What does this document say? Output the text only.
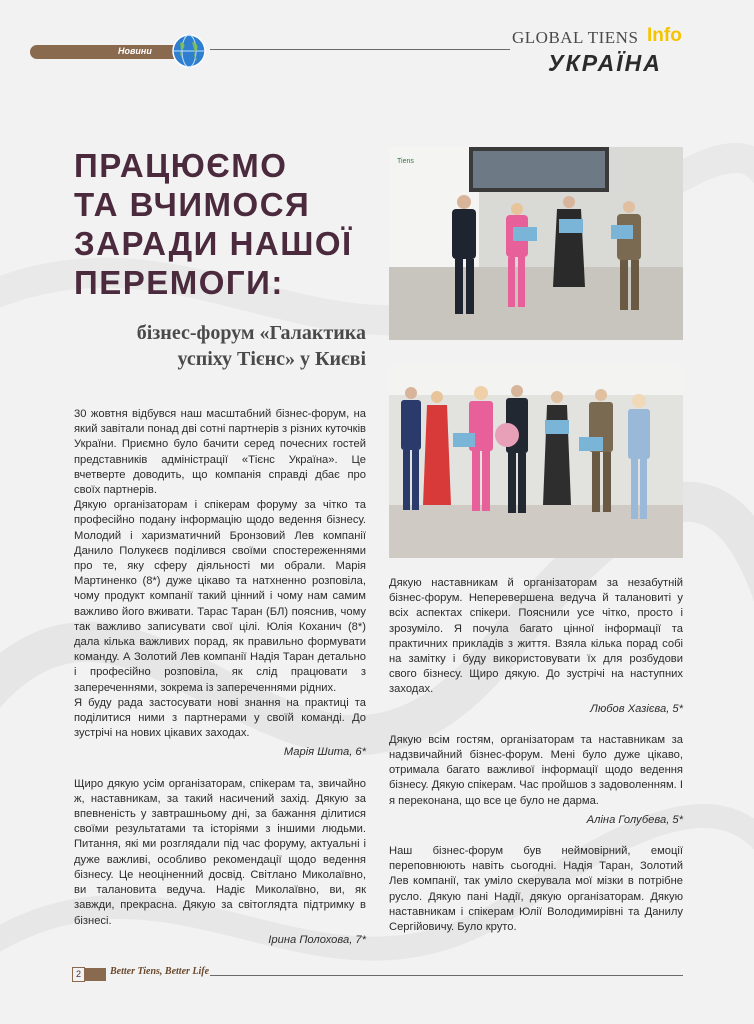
Новини
GLOBAL TIENS Info
УКРАЇНА
ПРАЦЮЄМО
ТА ВЧИМОСЯ
ЗАРАДИ НАШОЇ
ПЕРЕМОГИ:
бізнес-форум «Галактика
успіху Тієнс» у Києві
Tiens

30 жовтня відбувся наш масштабний бізнес-форум, на який завітали понад дві сотні партнерів з різних куточків України. Приємно було бачити серед почесних гостей представників адміністрації «Тієнс Україна». Це вчетверте доводить, що компанія справді дбає про своїх партнерів.

Дякую організаторам і спікерам форуму за чітко та професійно подану інформацію щодо ведення бізнесу. Молодий і харизматичний Бронзовий Лев компанії Данило Полукеєв поділився своїми спостереженнями про те, яку сферу діяльності ми обрали. Марія Мартиненко (8*) дуже цікаво та натхненно розповіла, чому продукт компанії такий цінний і чому нам самим важливо його вживати. Тарас Таран (БЛ) пояснив, чому так важливо записувати свої цілі. Юлія Коханич (8*) дала кілька важливих порад, як правильно формувати команду. А Золотий Лев компанії Надія Таран детально і професійно розповіла, як слід працювати з запереченнями, зокрема із запереченнями рідних.

Я буду рада застосувати нові знання на практиці та поділитися ними з партнерами у своїй команді. До зустрічі на нових цікавих заходах.

Марія Шита, 6*

Щиро дякую усім організаторам, спікерам та, звичайно ж, наставникам, за такий насичений захід. Дякую за впевненість у завтрашньому дні, за бажання ділитися своїми результатами та історіями з іншими людьми. Питання, які ми розглядали під час форуму, актуальні і дуже важливі, особливо рекомендації щодо ведення бізнесу. Це неоціненний досвід. Світлано Миколаївно, ви талановита ведуча. Надіє Миколаївно, ви, як завжди, прекрасна. Дякую за світоглядта підтримку в бізнесі.

Ірина Полохова, 7*

Дякую наставникам й організаторам за незабутній бізнес-форум. Неперевершена ведуча й талановиті у всіх аспектах спікери. Пояснили усе чітко, просто і зрозуміло. Я почула багато цінної інформації та практичних прикладів з життя. Взяла кілька порад собі на замітку і буду використовувати їх для розбудови свого бізнесу. Щиро дякую. До зустрічі на наступних заходах.

Любов Хазієва, 5*

Дякую всім гостям, організаторам та наставникам за надзвичайний бізнес-форум. Мені було дуже цікаво, отримала багато важливої інформації щодо ведення бізнесу. Дякую спікерам. Час пройшов з задоволенням. І я переконана, що все це було не дарма.

Аліна Голубева, 5*

Наш бізнес-форум був неймовірний, емоції переповнюють навіть сьогодні. Надія Таран, Золотий Лев компанії, так уміло скерувала мої мізки в потрібне русло. Дякую пані Надії, дякую організаторам. Дякую наставникам і спікерам Юлії Володимирівні та Данилу Сергійовичу. Було круто.

2	Better Tiens, Better Life
